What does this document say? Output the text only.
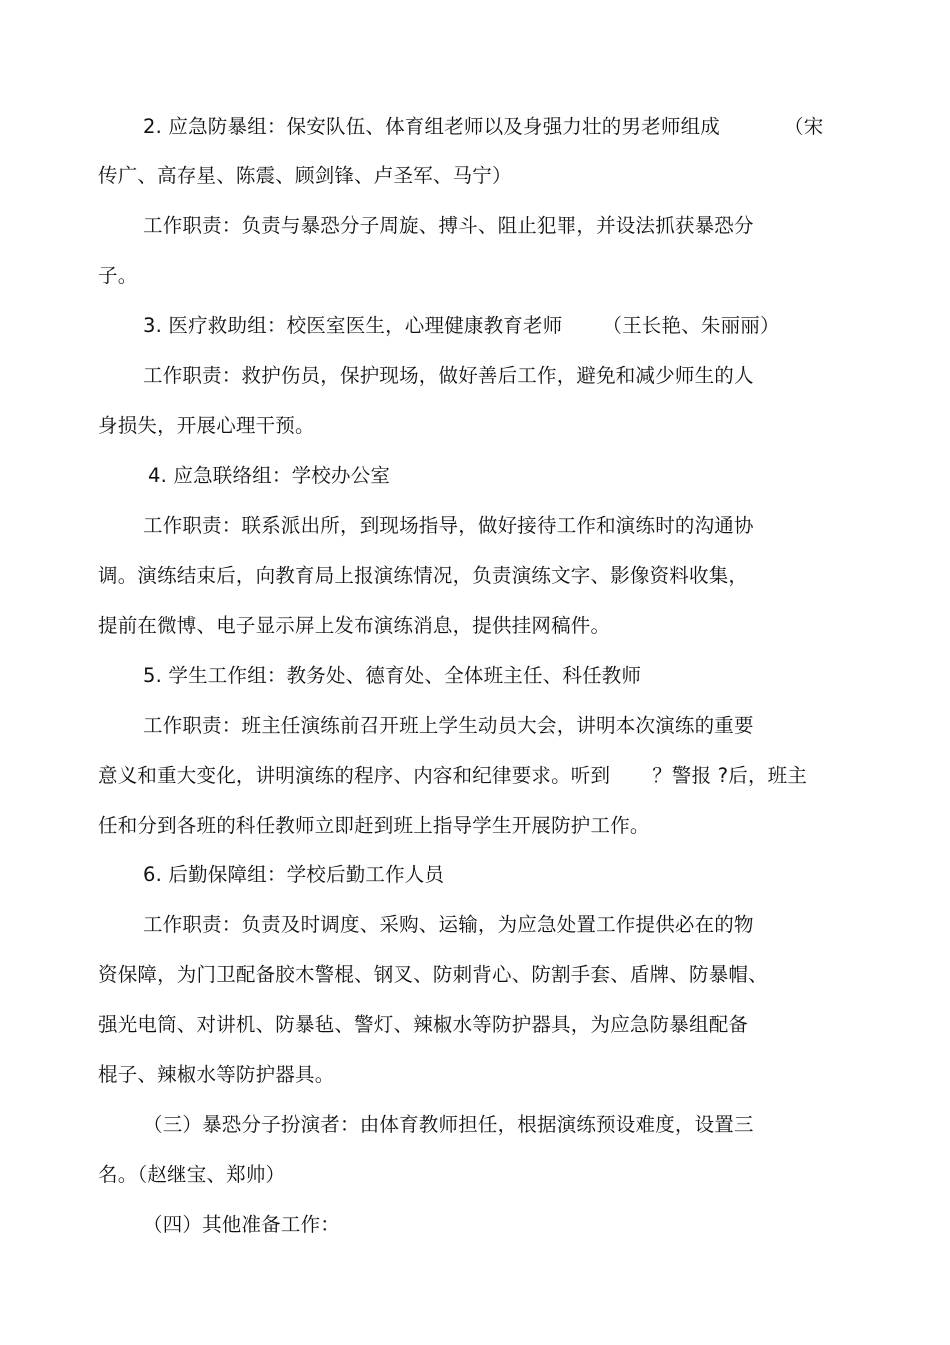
2. 应急防暴组：保安队伍、体育组老师以及身强力壮的男老师组成	（宋
传广、高存星、陈震、顾剑锋、卢圣军、马宁）
工作职责：负责与暴恐分子周旋、搏斗、阻止犯罪，并设法抓获暴恐分
子。
3. 医疗救助组：校医室医生，心理健康教育老师 （王长艳、朱丽丽）
工作职责：救护伤员，保护现场，做好善后工作，避免和减少师生的人
身损失，开展心理干预。
4. 应急联络组：学校办公室
工作职责：联系派出所，到现场指导，做好接待工作和演练时的沟通协
调。演练结束后，向教育局上报演练情况，负责演练文字、影像资料收集，
提前在微博、电子显示屏上发布演练消息，提供挂网稿件。
5. 学生工作组：教务处、德育处、全体班主任、科任教师
工作职责：班主任演练前召开班上学生动员大会，讲明本次演练的重要
意义和重大变化，讲明演练的程序、内容和纪律要求。听到 ？警报 ?后，班主
任和分到各班的科任教师立即赶到班上指导学生开展防护工作。
6. 后勤保障组：学校后勤工作人员
工作职责：负责及时调度、采购、运输，为应急处置工作提供必在的物
资保障，为门卫配备胶木警棍、钢叉、防刺背心、防割手套、盾牌、防暴帽、
强光电筒、对讲机、防暴毡、警灯、辣椒水等防护器具，为应急防暴组配备
棍子、辣椒水等防护器具。
（三）暴恐分子扮演者：由体育教师担任，根据演练预设难度，设置三
名。（赵继宝、郑帅）
（四）其他准备工作：
